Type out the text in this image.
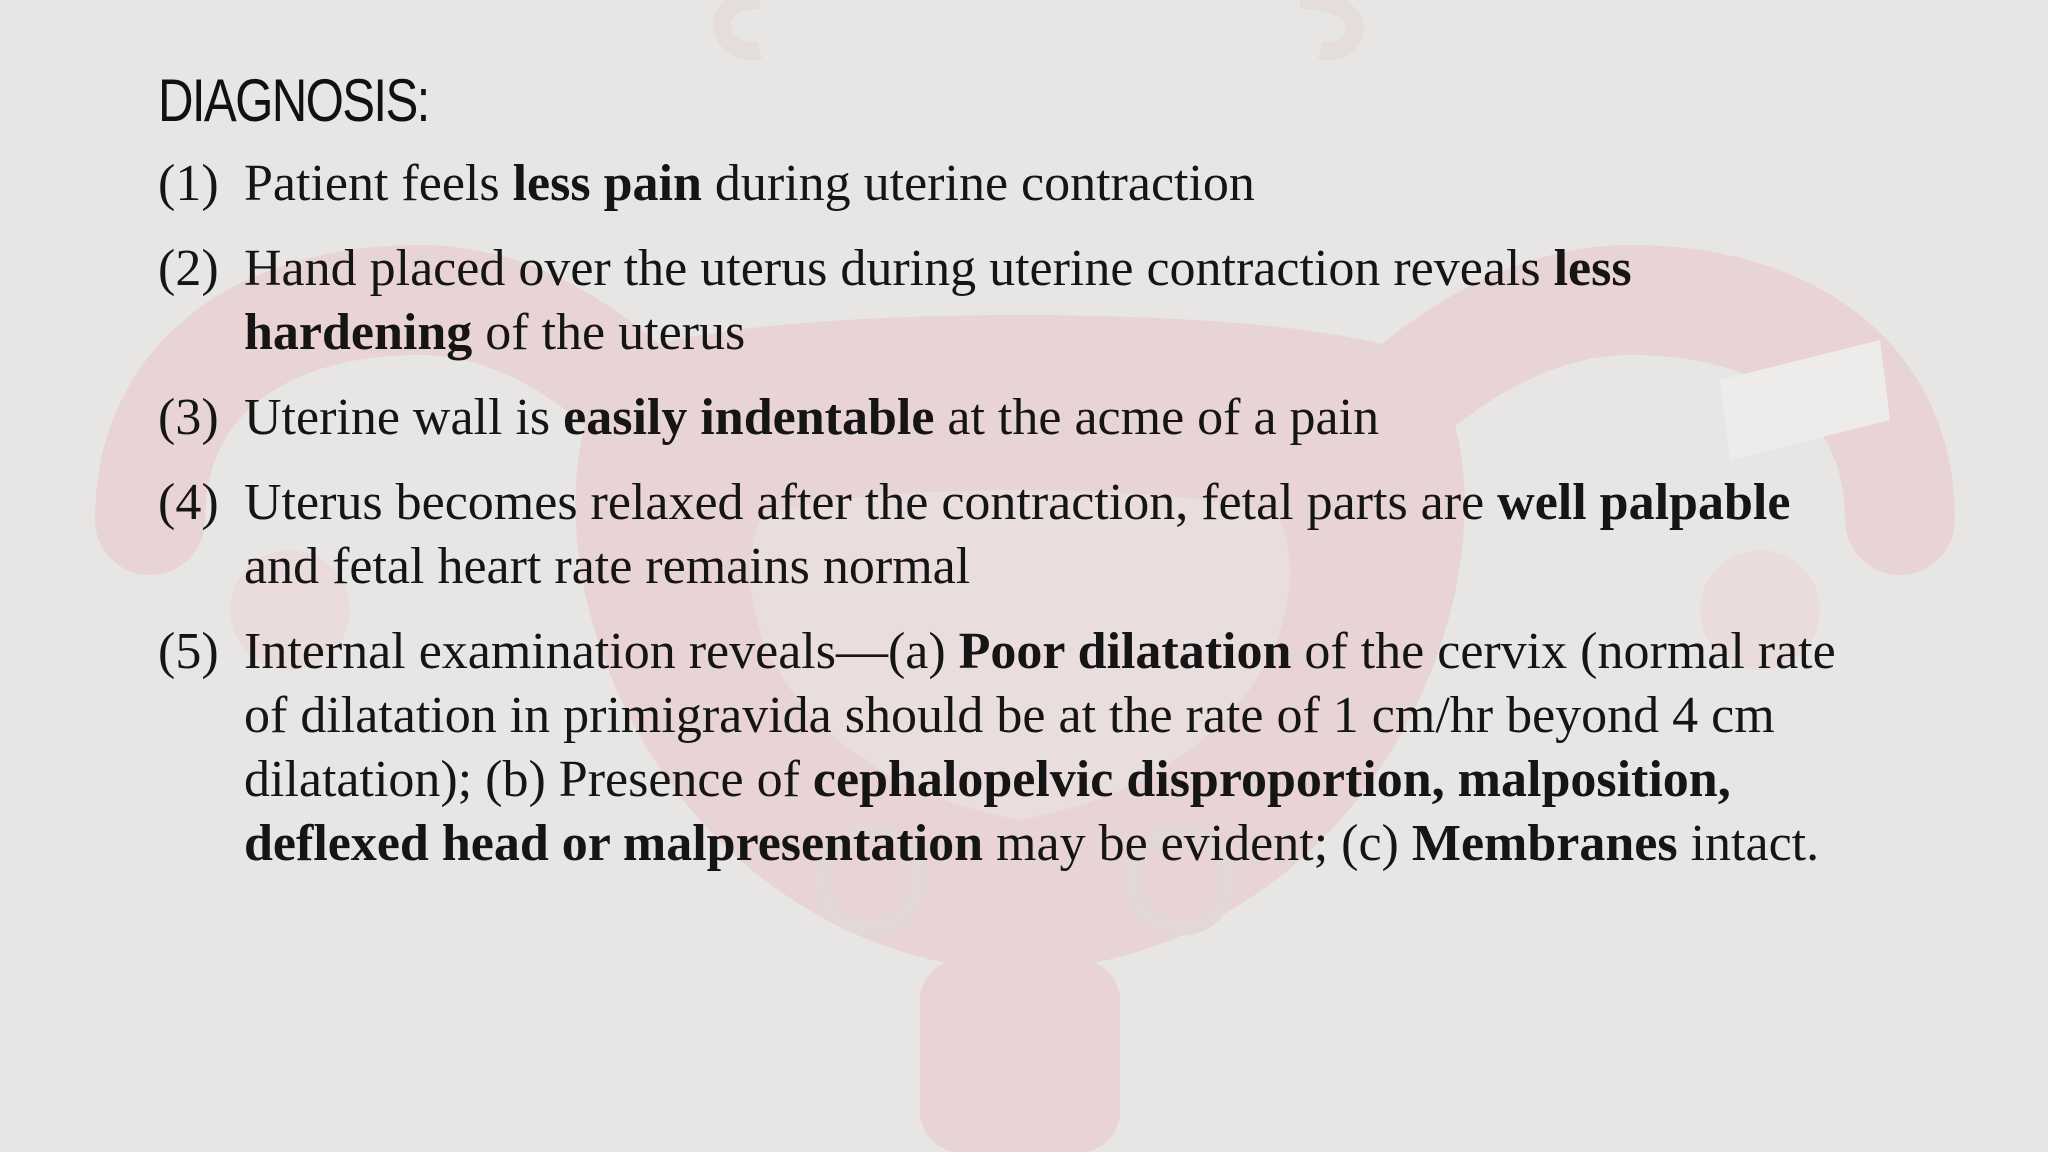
DIAGNOSIS:
(1) Patient feels less pain during uterine contraction
(2) Hand placed over the uterus during uterine contraction reveals less hardening of the uterus
(3) Uterine wall is easily indentable at the acme of a pain
(4) Uterus becomes relaxed after the contraction, fetal parts are well palpable and fetal heart rate remains normal
(5) Internal examination reveals—(a) Poor dilatation of the cervix (normal rate of dilatation in primigravida should be at the rate of 1 cm/hr beyond 4 cm dilatation); (b) Presence of cephalopelvic disproportion, malposition, deflexed head or malpresentation may be evident; (c) Membranes intact.
